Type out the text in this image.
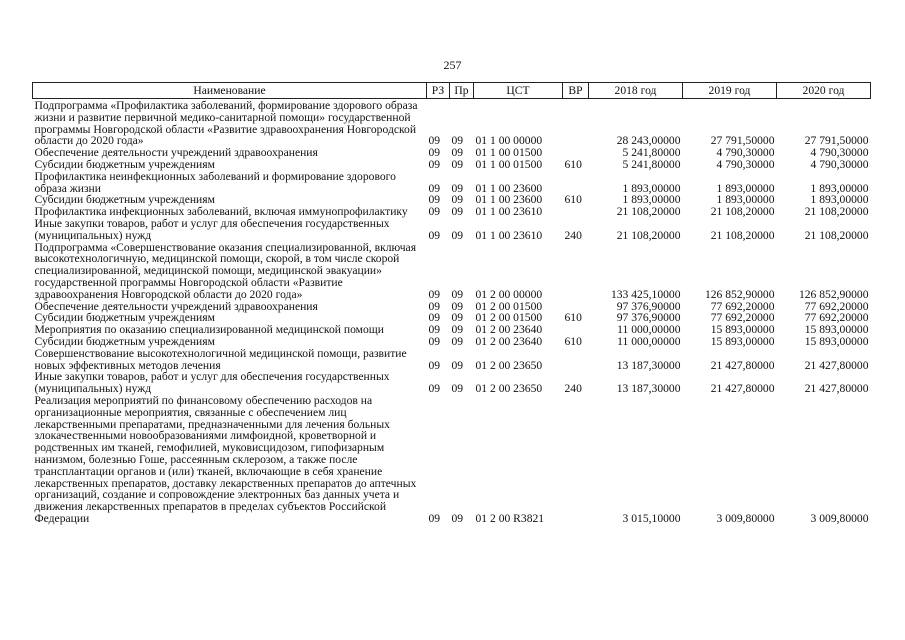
257
Наименование	РЗ	Пр	ЦСТ	ВР	2018 год	2019 год	2020 год
Подпрограмма «Профилактика заболеваний, формирование здорового образа жизни и развитие первичной медико-санитарной помощи» государственной программы Новгородской области «Развитие здравоохранения Новгородской области до 2020 года»	09	09	01 1 00 00000		28 243,00000	27 791,50000	27 791,50000
Обеспечение деятельности учреждений здравоохранения	09	09	01 1 00 01500		5 241,80000	4 790,30000	4 790,30000
Субсидии бюджетным учреждениям	09	09	01 1 00 01500	610	5 241,80000	4 790,30000	4 790,30000
Профилактика неинфекционных заболеваний и формирование здорового образа жизни	09	09	01 1 00 23600		1 893,00000	1 893,00000	1 893,00000
Субсидии бюджетным учреждениям	09	09	01 1 00 23600	610	1 893,00000	1 893,00000	1 893,00000
Профилактика инфекционных заболеваний, включая иммунопрофилактику	09	09	01 1 00 23610		21 108,20000	21 108,20000	21 108,20000
Иные закупки товаров, работ и услуг для обеспечения государственных (муниципальных) нужд	09	09	01 1 00 23610	240	21 108,20000	21 108,20000	21 108,20000
Подпрограмма «Совершенствование оказания специализированной, включая высокотехнологичную, медицинской помощи, скорой, в том числе скорой специализированной, медицинской помощи, медицинской эвакуации» государственной программы Новгородской области «Развитие здравоохранения Новгородской области до 2020 года»	09	09	01 2 00 00000		133 425,10000	126 852,90000	126 852,90000
Обеспечение деятельности учреждений здравоохранения	09	09	01 2 00 01500		97 376,90000	77 692,20000	77 692,20000
Субсидии бюджетным учреждениям	09	09	01 2 00 01500	610	97 376,90000	77 692,20000	77 692,20000
Мероприятия по оказанию специализированной медицинской помощи	09	09	01 2 00 23640		11 000,00000	15 893,00000	15 893,00000
Субсидии бюджетным учреждениям	09	09	01 2 00 23640	610	11 000,00000	15 893,00000	15 893,00000
Совершенствование высокотехнологичной медицинской помощи, развитие новых эффективных методов лечения	09	09	01 2 00 23650		13 187,30000	21 427,80000	21 427,80000
Иные закупки товаров, работ и услуг для обеспечения государственных (муниципальных) нужд	09	09	01 2 00 23650	240	13 187,30000	21 427,80000	21 427,80000
Реализация мероприятий по финансовому обеспечению расходов на организационные мероприятия, связанные с обеспечением лиц лекарственными препаратами, предназначенными для лечения больных злокачественными новообразованиями лимфоидной, кроветворной и родственных им тканей, гемофилией, муковисцидозом, гипофизарным нанизмом, болезнью Гоше, рассеянным склерозом, а также после трансплантации органов и (или) тканей, включающие в себя хранение лекарственных препаратов, доставку лекарственных препаратов до аптечных организаций, создание и сопровождение электронных баз данных учета и движения лекарственных препаратов в пределах субъектов Российской Федерации	09	09	01 2 00 R3821		3 015,10000	3 009,80000	3 009,80000
